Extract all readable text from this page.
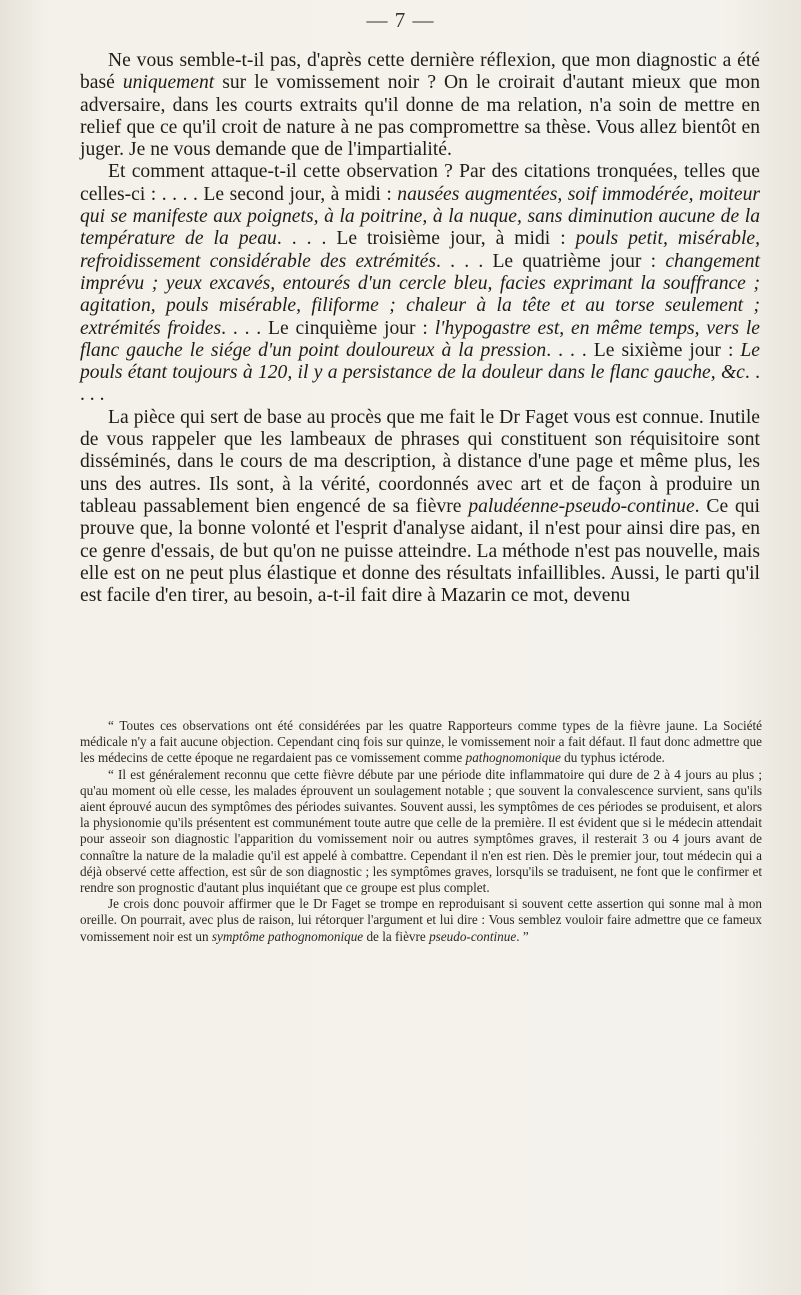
— 7 —

Ne vous semble-t-il pas, d'après cette dernière réflexion, que mon diagnostic a été basé uniquement sur le vomissement noir ? On le croirait d'autant mieux que mon adversaire, dans les courts extraits qu'il donne de ma relation, n'a soin de mettre en relief que ce qu'il croit de nature à ne pas compromettre sa thèse. Vous allez bientôt en juger. Je ne vous demande que de l'impartialité.

Et comment attaque-t-il cette observation ? Par des citations tronquées, telles que celles-ci : . . . . Le second jour, à midi : nausées augmentées, soif immodérée, moiteur qui se manifeste aux poignets, à la poitrine, à la nuque, sans diminution aucune de la température de la peau. . . . Le troisième jour, à midi : pouls petit, misérable, refroidissement considérable des extrémités. . . . Le quatrième jour : changement imprévu ; yeux excavés, entourés d'un cercle bleu, facies exprimant la souffrance ; agitation, pouls misérable, filiforme ; chaleur à la tête et au torse seulement ; extrémités froides. . . . Le cinquième jour : l'hypogastre est, en même temps, vers le flanc gauche le siége d'un point douloureux à la pression. . . . Le sixième jour : Le pouls étant toujours à 120, il y a persistance de la douleur dans le flanc gauche, &c. . . . .

La pièce qui sert de base au procès que me fait le Dr Faget vous est connue. Inutile de vous rappeler que les lambeaux de phrases qui constituent son réquisitoire sont disséminés, dans le cours de ma description, à distance d'une page et même plus, les uns des autres. Ils sont, à la vérité, coordonnés avec art et de façon à produire un tableau passablement bien engencé de sa fièvre paludéenne-pseudo-continue. Ce qui prouve que, la bonne volonté et l'esprit d'analyse aidant, il n'est pour ainsi dire pas, en ce genre d'essais, de but qu'on ne puisse atteindre. La méthode n'est pas nouvelle, mais elle est on ne peut plus élastique et donne des résultats infaillibles. Aussi, le parti qu'il est facile d'en tirer, au besoin, a-t-il fait dire à Mazarin ce mot, devenu

“ Toutes ces observations ont été considérées par les quatre Rapporteurs comme types de la fièvre jaune. La Société médicale n'y a fait aucune objection. Cependant cinq fois sur quinze, le vomissement noir a fait défaut. Il faut donc admettre que les médecins de cette époque ne regardaient pas ce vomissement comme pathognomonique du typhus ictérode.

“ Il est généralement reconnu que cette fièvre débute par une période dite inflammatoire qui dure de 2 à 4 jours au plus ; qu'au moment où elle cesse, les malades éprouvent un soulagement notable ; que souvent la convalescence survient, sans qu'ils aient éprouvé aucun des symptômes des périodes suivantes. Souvent aussi, les symptômes de ces périodes se produisent, et alors la physionomie qu'ils présentent est communément toute autre que celle de la première. Il est évident que si le médecin attendait pour asseoir son diagnostic l'apparition du vomissement noir ou autres symptômes graves, il resterait 3 ou 4 jours avant de connaître la nature de la maladie qu'il est appelé à combattre. Cependant il n'en est rien. Dès le premier jour, tout médecin qui a déjà observé cette affection, est sûr de son diagnostic ; les symptômes graves, lorsqu'ils se traduisent, ne font que le confirmer et rendre son prognostic d'autant plus inquiétant que ce groupe est plus complet.

Je crois donc pouvoir affirmer que le Dr Faget se trompe en reproduisant si souvent cette assertion qui sonne mal à mon oreille. On pourrait, avec plus de raison, lui rétorquer l'argument et lui dire : Vous semblez vouloir faire admettre que ce fameux vomissement noir est un symptôme pathognomonique de la fièvre pseudo-continue. ”
